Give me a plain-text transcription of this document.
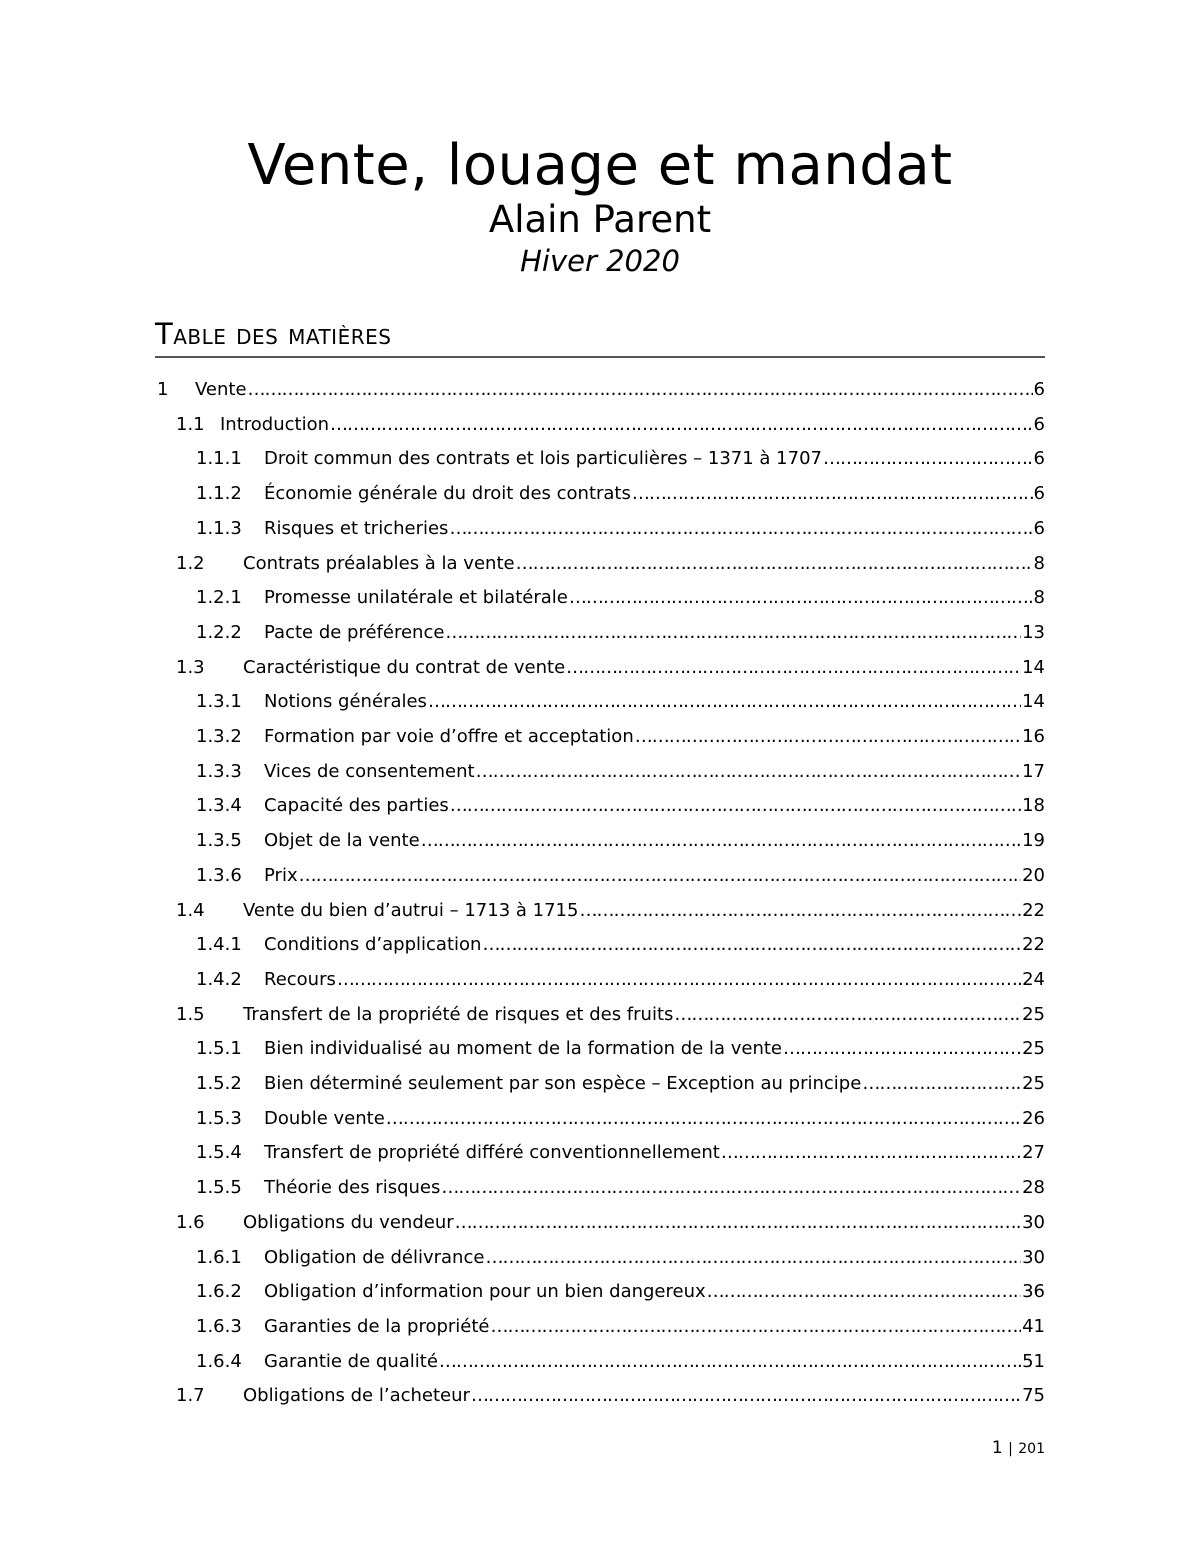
Vente, louage et mandat
Alain Parent
Hiver 2020
Table des matières
1	Vente ……………………………………………………………………………………………………………………………………………………………………………………………………………………………………………………………………………………………………	6
1.1 Introduction ……………………………………………………………………………………………………………………………………………………………………………………………………………………………………………………………………………………………………	6
1.1.1	Droit commun des contrats et lois particulières – 1371 à 1707 ……………………………………………………………………………………………………………………………………………………………………………………………………………………………………………………………………………………………………	6
1.1.2	Économie générale du droit des contrats ……………………………………………………………………………………………………………………………………………………………………………………………………………………………………………………………………………………………………	6
1.1.3	Risques et tricheries ……………………………………………………………………………………………………………………………………………………………………………………………………………………………………………………………………………………………………	6
1.2	Contrats préalables à la vente ……………………………………………………………………………………………………………………………………………………………………………………………………………………………………………………………………………………………………	8
1.2.1	Promesse unilatérale et bilatérale ……………………………………………………………………………………………………………………………………………………………………………………………………………………………………………………………………………………………………	8
1.2.2	Pacte de préférence ……………………………………………………………………………………………………………………………………………………………………………………………………………………………………………………………………………………………………	13
1.3	Caractéristique du contrat de vente ……………………………………………………………………………………………………………………………………………………………………………………………………………………………………………………………………………………………………	14
1.3.1	Notions générales ……………………………………………………………………………………………………………………………………………………………………………………………………………………………………………………………………………………………………	14
1.3.2	Formation par voie d’offre et acceptation ……………………………………………………………………………………………………………………………………………………………………………………………………………………………………………………………………………………………………	16
1.3.3	Vices de consentement ……………………………………………………………………………………………………………………………………………………………………………………………………………………………………………………………………………………………………	17
1.3.4	Capacité des parties ……………………………………………………………………………………………………………………………………………………………………………………………………………………………………………………………………………………………………	18
1.3.5	Objet de la vente ……………………………………………………………………………………………………………………………………………………………………………………………………………………………………………………………………………………………………	19
1.3.6	Prix ……………………………………………………………………………………………………………………………………………………………………………………………………………………………………………………………………………………………………	20
1.4	Vente du bien d’autrui – 1713 à 1715 ……………………………………………………………………………………………………………………………………………………………………………………………………………………………………………………………………………………………………	22
1.4.1	Conditions d’application ……………………………………………………………………………………………………………………………………………………………………………………………………………………………………………………………………………………………………	22
1.4.2	Recours ……………………………………………………………………………………………………………………………………………………………………………………………………………………………………………………………………………………………………	24
1.5	Transfert de la propriété de risques et des fruits ……………………………………………………………………………………………………………………………………………………………………………………………………………………………………………………………………………………………………	25
1.5.1	Bien individualisé au moment de la formation de la vente ……………………………………………………………………………………………………………………………………………………………………………………………………………………………………………………………………………………………………	25
1.5.2	Bien déterminé seulement par son espèce – Exception au principe ……………………………………………………………………………………………………………………………………………………………………………………………………………………………………………………………………………………………………	25
1.5.3	Double vente ……………………………………………………………………………………………………………………………………………………………………………………………………………………………………………………………………………………………………	26
1.5.4	Transfert de propriété différé conventionnellement ……………………………………………………………………………………………………………………………………………………………………………………………………………………………………………………………………………………………………	27
1.5.5	Théorie des risques ……………………………………………………………………………………………………………………………………………………………………………………………………………………………………………………………………………………………………	28
1.6	Obligations du vendeur ……………………………………………………………………………………………………………………………………………………………………………………………………………………………………………………………………………………………………	30
1.6.1	Obligation de délivrance ……………………………………………………………………………………………………………………………………………………………………………………………………………………………………………………………………………………………………	30
1.6.2	Obligation d’information pour un bien dangereux ……………………………………………………………………………………………………………………………………………………………………………………………………………………………………………………………………………………………………	36
1.6.3	Garanties de la propriété ……………………………………………………………………………………………………………………………………………………………………………………………………………………………………………………………………………………………………	41
1.6.4	Garantie de qualité ……………………………………………………………………………………………………………………………………………………………………………………………………………………………………………………………………………………………………	51
1.7	Obligations de l’acheteur ……………………………………………………………………………………………………………………………………………………………………………………………………………………………………………………………………………………………………	75
1 | 201
